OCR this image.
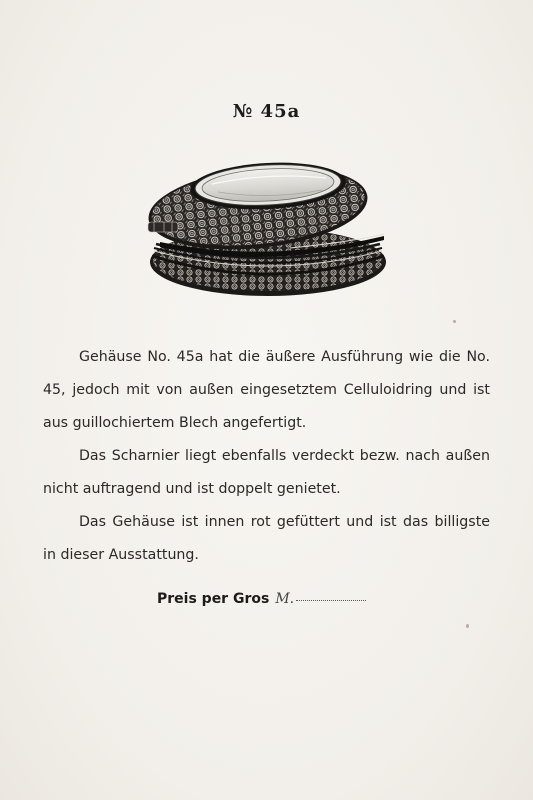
№ 45a

Gehäuse No. 45a hat die äußere Ausführung wie die No. 45, jedoch mit von außen eingesetztem Celluloidring und ist aus guillochiertem Blech angefertigt.

Das Scharnier liegt ebenfalls verdeckt bezw. nach außen nicht auftragend und ist doppelt genietet.

Das Gehäuse ist innen rot gefüttert und ist das billigste in dieser Ausstattung.

Preis per Gros M.
